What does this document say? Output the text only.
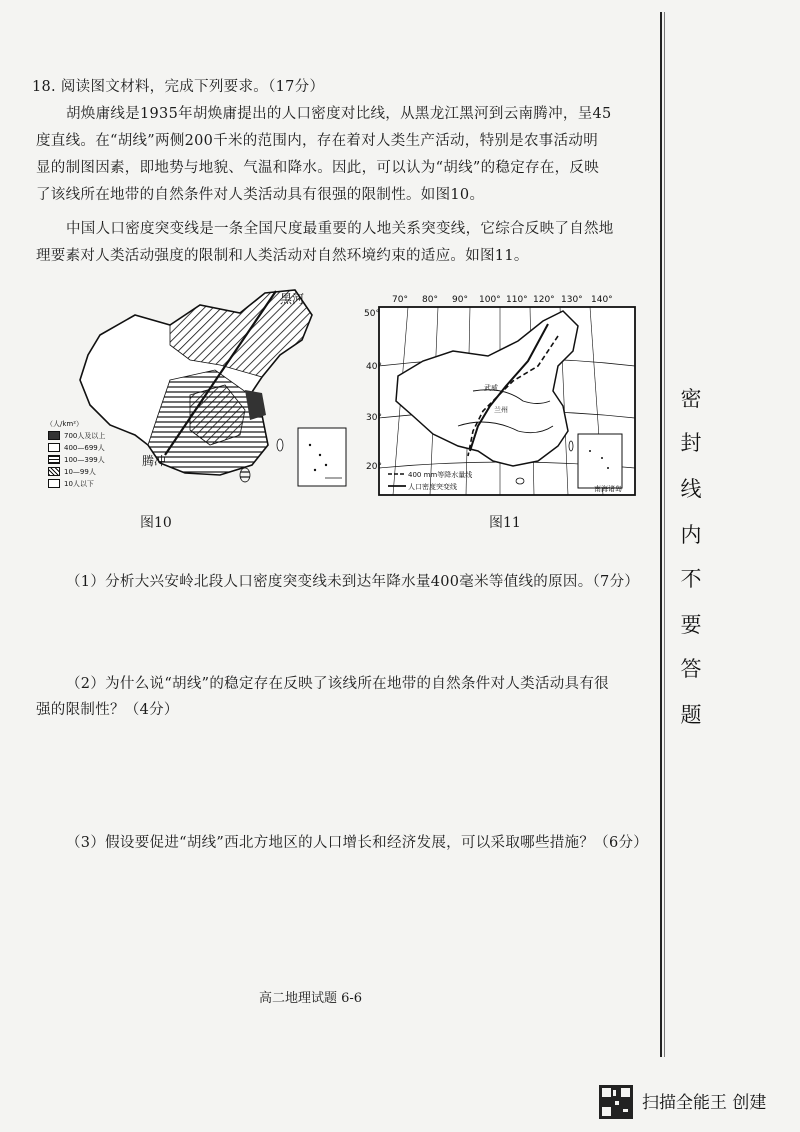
18. 阅读图文材料，完成下列要求。（17分）
胡焕庸线是1935年胡焕庸提出的人口密度对比线，从黑龙江黑河到云南腾冲，呈45
度直线。在“胡线”两侧200千米的范围内，存在着对人类生产活动，特别是农事活动明
显的制图因素，即地势与地貌、气温和降水。因此，可以认为“胡线”的稳定存在，反映
了该线所在地带的自然条件对人类活动具有很强的限制性。如图10。
中国人口密度突变线是一条全国尺度最重要的人地关系突变线，它综合反映了自然地
理要素对人类活动强度的限制和人类活动对自然环境约束的适应。如图11。
黑河
腾冲
（人/km²）
700人及以上
400—699人
100—399人
10—99人
10人以下
图10
70° 80° 90° 100° 110° 120° 130° 140°
50°
40°
30°
20°
武威
兰州
400 mm等降水量线
人口密度突变线	南海诸岛
图11
（1）分析大兴安岭北段人口密度突变线未到达年降水量400毫米等值线的原因。（7分）
（2）为什么说“胡线”的稳定存在反映了该线所在地带的自然条件对人类活动具有很
强的限制性？（4分）
（3）假设要促进“胡线”西北方地区的人口增长和经济发展，可以采取哪些措施？（6分）
高二地理试题 6-6
密
封
线
内
不
要
答
题
扫描全能王 创建
